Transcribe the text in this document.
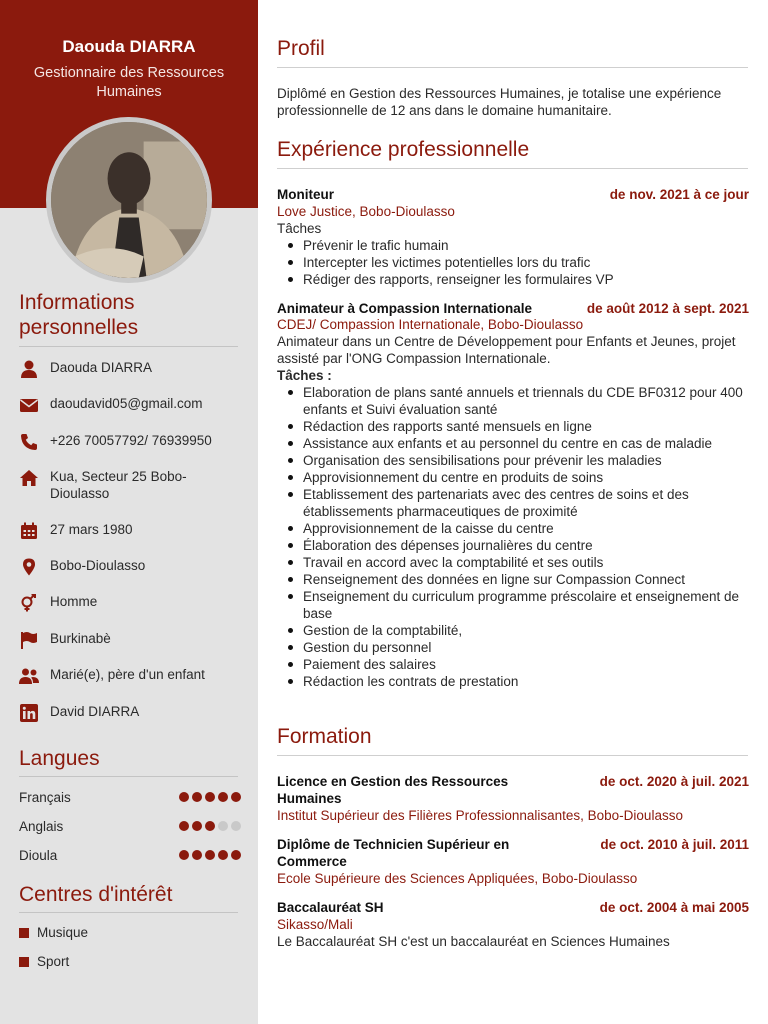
Daouda DIARRA
Gestionnaire des Ressources Humaines
Informations personnelles
Daouda DIARRA
daoudavid05@gmail.com
+226 70057792/ 76939950
Kua, Secteur 25 Bobo-Dioulasso
27 mars 1980
Bobo-Dioulasso
Homme
Burkinabè
Marié(e), père d'un enfant
David DIARRA
Langues
Français
Anglais
Dioula
Centres d'intérêt
Musique
Sport
Profil
Diplômé en Gestion des Ressources Humaines, je totalise une expérience professionnelle de 12 ans dans le domaine humanitaire.
Expérience professionnelle
Moniteur	de nov. 2021 à ce jour
Love Justice, Bobo-Dioulasso
Tâches
Prévenir le trafic humain
Intercepter les victimes potentielles lors du trafic
Rédiger des rapports, renseigner les formulaires VP
Animateur à Compassion Internationale	de août 2012 à sept. 2021
CDEJ/ Compassion Internationale, Bobo-Dioulasso
Animateur dans un Centre de Développement pour Enfants et Jeunes, projet assisté par l'ONG Compassion Internationale.
Tâches :
Elaboration de plans santé annuels et triennals du CDE BF0312 pour 400 enfants et Suivi évaluation santé
Rédaction des rapports santé mensuels en ligne
Assistance aux enfants et au personnel du centre en cas de maladie
Organisation des sensibilisations pour prévenir les maladies
Approvisionnement du centre en produits de soins
Etablissement des partenariats avec des centres de soins et des établissements pharmaceutiques de proximité
Approvisionnement de la caisse du centre
Élaboration des dépenses journalières du centre
Travail en accord avec la comptabilité et ses outils
Renseignement des données en ligne sur Compassion Connect
Enseignement du curriculum programme préscolaire et enseignement de base
Gestion de la comptabilité,
Gestion du personnel
Paiement des salaires
Rédaction les contrats de prestation
Formation
Licence en Gestion des Ressources Humaines
de oct. 2020 à juil. 2021
Institut Supérieur des Filières Professionnalisantes, Bobo-Dioulasso
Diplôme de Technicien Supérieur en Commerce
de oct. 2010 à juil. 2011
Ecole Supérieure des Sciences Appliquées, Bobo-Dioulasso
Baccalauréat SH	de oct. 2004 à mai 2005
Sikasso/Mali
Le Baccalauréat SH c'est un baccalauréat en Sciences Humaines
